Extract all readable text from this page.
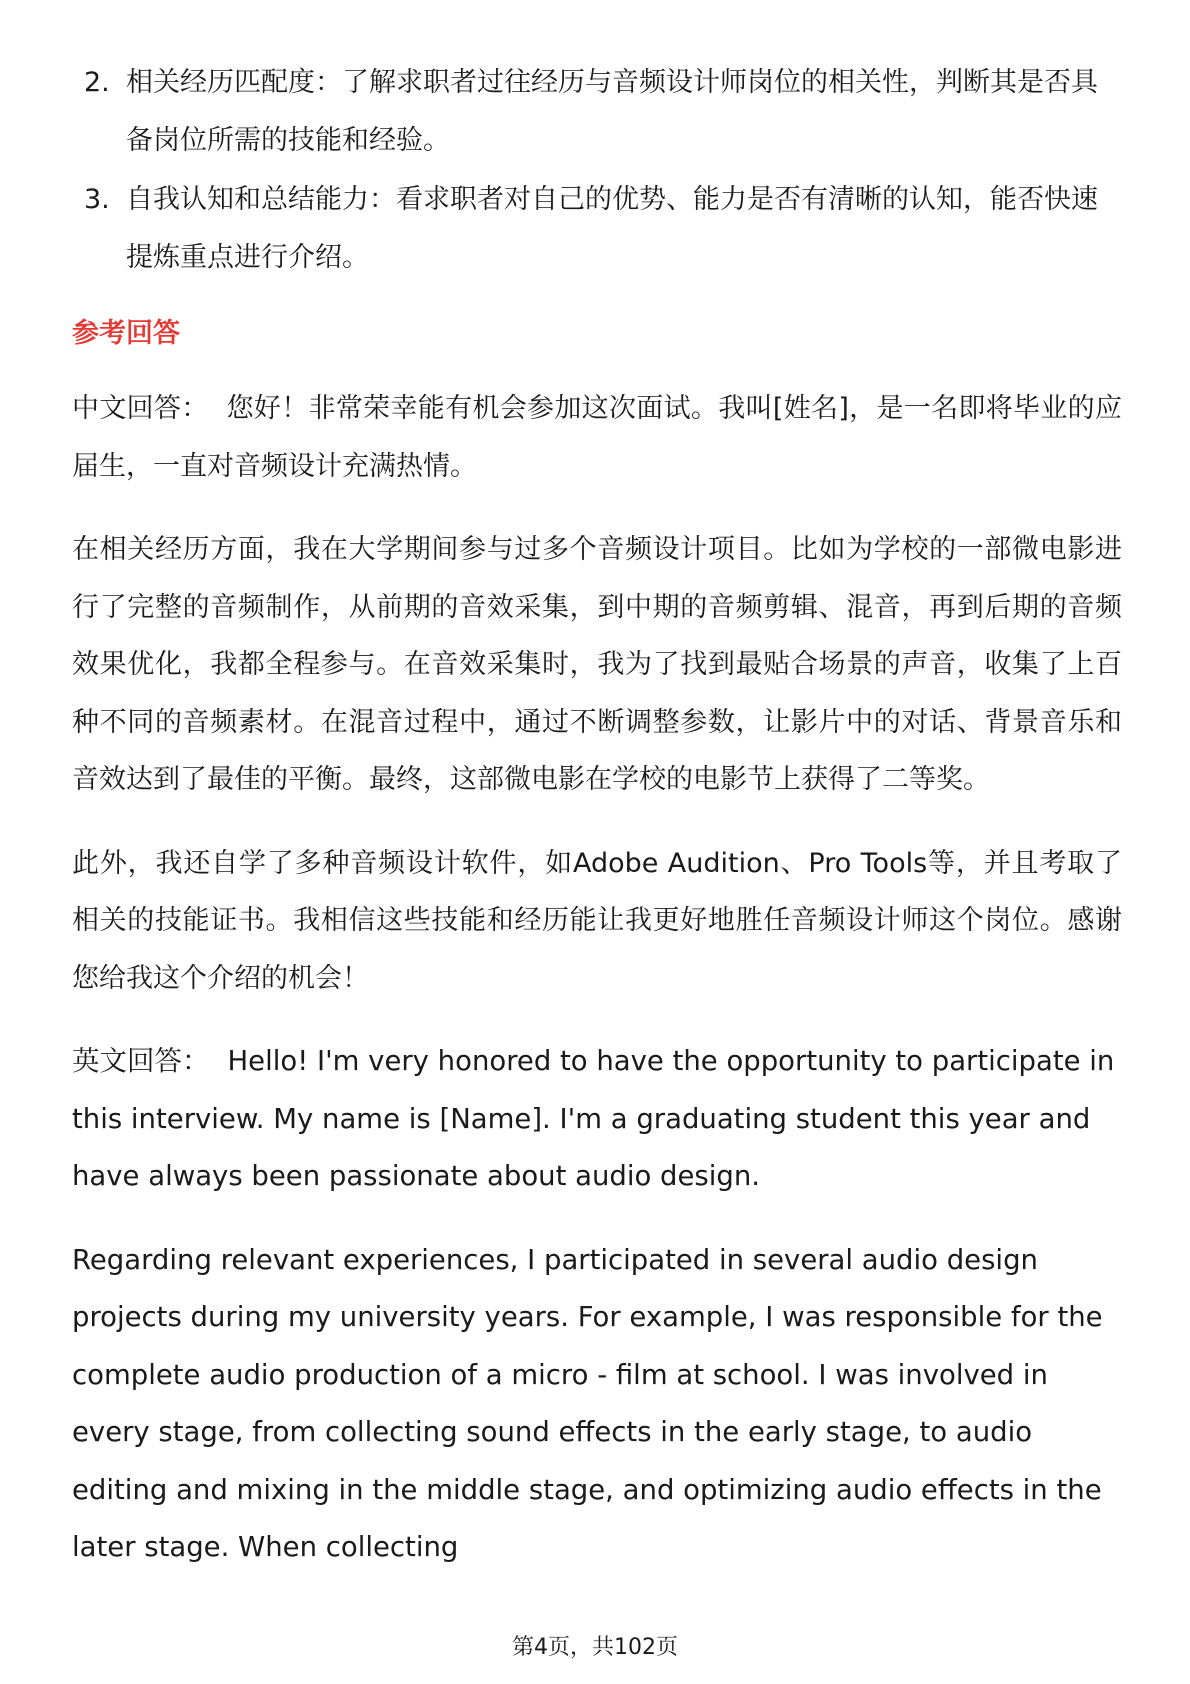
2. 相关经历匹配度：了解求职者过往经历与音频设计师岗位的相关性，判断其是否具备岗位所需的技能和经验。
3. 自我认知和总结能力：看求职者对自己的优势、能力是否有清晰的认知，能否快速提炼重点进行介绍。
参考回答

中文回答： 您好！非常荣幸能有机会参加这次面试。我叫[姓名]，是一名即将毕业的应届生，一直对音频设计充满热情。

在相关经历方面，我在大学期间参与过多个音频设计项目。比如为学校的一部微电影进行了完整的音频制作，从前期的音效采集，到中期的音频剪辑、混音，再到后期的音频效果优化，我都全程参与。在音效采集时，我为了找到最贴合场景的声音，收集了上百种不同的音频素材。在混音过程中，通过不断调整参数，让影片中的对话、背景音乐和音效达到了最佳的平衡。最终，这部微电影在学校的电影节上获得了二等奖。

此外，我还自学了多种音频设计软件，如Adobe Audition、Pro Tools等，并且考取了相关的技能证书。我相信这些技能和经历能让我更好地胜任音频设计师这个岗位。感谢您给我这个介绍的机会！

英文回答： Hello! I'm very honored to have the opportunity to participate in this interview. My name is [Name]. I'm a graduating student this year and have always been passionate about audio design.

Regarding relevant experiences, I participated in several audio design projects during my university years. For example, I was responsible for the complete audio production of a micro - film at school. I was involved in every stage, from collecting sound effects in the early stage, to audio editing and mixing in the middle stage, and optimizing audio effects in the later stage. When collecting

第4页，共102页
